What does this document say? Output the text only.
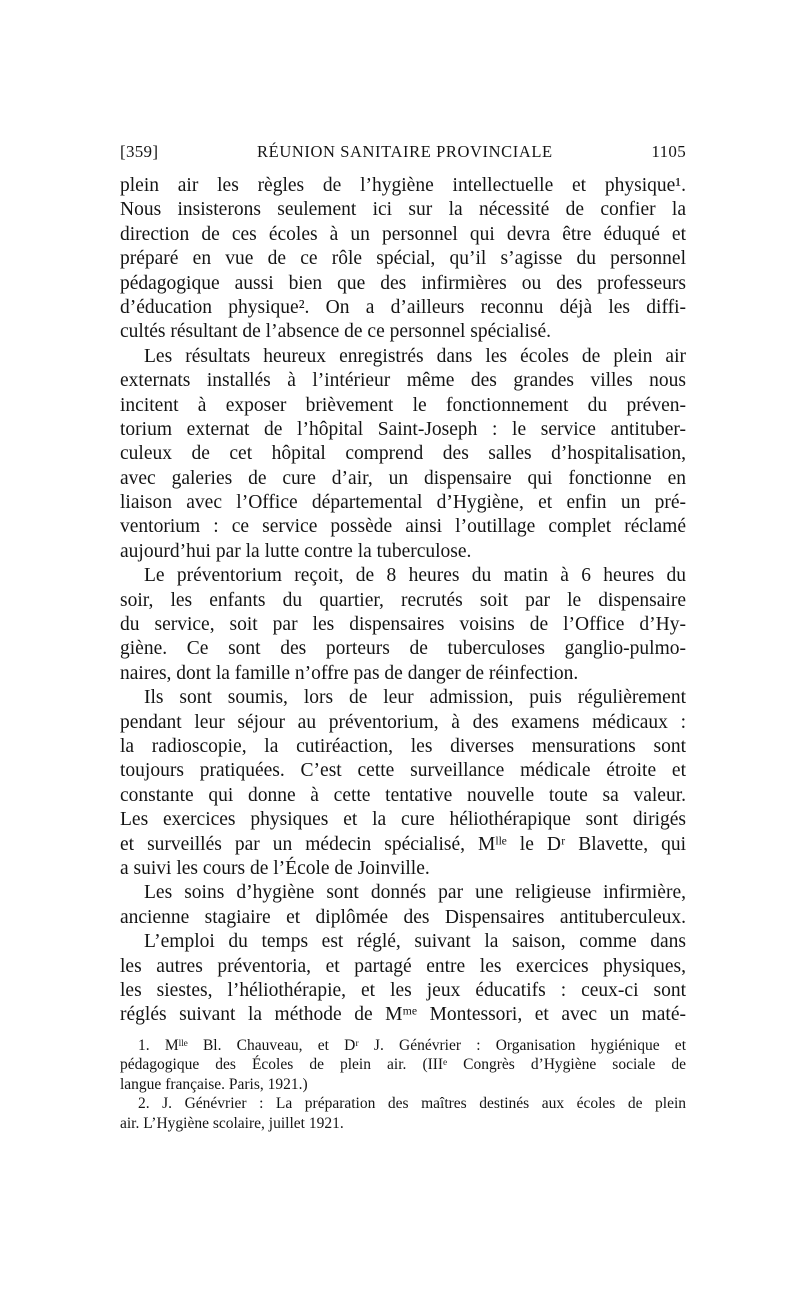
[359]	RÉUNION SANITAIRE PROVINCIALE	1105
plein air les règles de l’hygiène intellectuelle et physique¹.
Nous insisterons seulement ici sur la nécessité de confier la
direction de ces écoles à un personnel qui devra être éduqué et
préparé en vue de ce rôle spécial, qu’il s’agisse du personnel
pédagogique aussi bien que des infirmières ou des professeurs
d’éducation physique². On a d’ailleurs reconnu déjà les diffi-
cultés résultant de l’absence de ce personnel spécialisé.
Les résultats heureux enregistrés dans les écoles de plein air
externats installés à l’intérieur même des grandes villes nous
incitent à exposer brièvement le fonctionnement du préven-
torium externat de l’hôpital Saint-Joseph : le service antituber-
culeux de cet hôpital comprend des salles d’hospitalisation,
avec galeries de cure d’air, un dispensaire qui fonctionne en
liaison avec l’Office départemental d’Hygiène, et enfin un pré-
ventorium : ce service possède ainsi l’outillage complet réclamé
aujourd’hui par la lutte contre la tuberculose.
Le préventorium reçoit, de 8 heures du matin à 6 heures du
soir, les enfants du quartier, recrutés soit par le dispensaire
du service, soit par les dispensaires voisins de l’Office d’Hy-
giène. Ce sont des porteurs de tuberculoses ganglio-pulmo-
naires, dont la famille n’offre pas de danger de réinfection.
Ils sont soumis, lors de leur admission, puis régulièrement
pendant leur séjour au préventorium, à des examens médicaux :
la radioscopie, la cutiréaction, les diverses mensurations sont
toujours pratiquées. C’est cette surveillance médicale étroite et
constante qui donne à cette tentative nouvelle toute sa valeur.
Les exercices physiques et la cure héliothérapique sont dirigés
et surveillés par un médecin spécialisé, Mˡˡᵉ le Dʳ Blavette, qui
a suivi les cours de l’École de Joinville.
Les soins d’hygiène sont donnés par une religieuse infirmière,
ancienne stagiaire et diplômée des Dispensaires antituberculeux.
L’emploi du temps est réglé, suivant la saison, comme dans
les autres préventoria, et partagé entre les exercices physiques,
les siestes, l’héliothérapie, et les jeux éducatifs : ceux-ci sont
réglés suivant la méthode de Mᵐᵉ Montessori, et avec un maté-
1. Mˡˡᵉ Bl. Chauveau, et Dʳ J. Génévrier : Organisation hygiénique et
pédagogique des Écoles de plein air. (IIIᵉ Congrès d’Hygiène sociale de
langue française. Paris, 1921.)
2. J. Génévrier : La préparation des maîtres destinés aux écoles de plein
air. L’Hygiène scolaire, juillet 1921.
